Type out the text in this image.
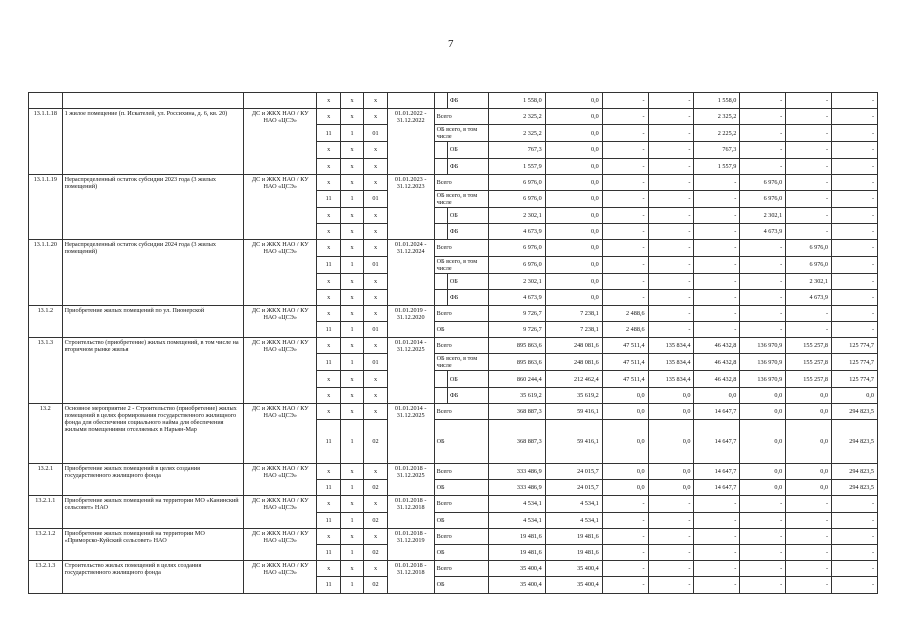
7
			x	x	x			ФБ	1 558,0	0,0	-	-	1 558,0	-	-	-
13.1.1.18	1 жилое помещение (п. Искателей, ул. Россихина, д. 6, кв. 20)	ДС и ЖКХ НАО / КУ НАО «ЦСЭ»	x	x	x	01.01.2022 - 31.12.2022	Всего		2 325,2	0,0	-	-	2 325,2	-	-	-
			11	1	01		ОБ всего, в том числе		2 325,2	0,0	-	-	2 225,2	-	-	-
			x	x	x			ОБ	767,3	0,0	-	-	767,3	-	-	-
			x	x	x			ФБ	1 557,9	0,0	-	-	1 557,9	-	-	-
13.1.1.19	Нераспределенный остаток субсидии 2023 года (3 жилых помещений)	ДС и ЖКХ НАО / КУ НАО «ЦСЭ»	x	x	x	01.01.2023 - 31.12.2023	Всего		6 976,0	0,0	-	-	-	6 976,0	-	-
			11	1	01		ОБ всего, в том числе		6 976,0	0,0	-	-	-	6 976,0	-	-
			x	x	x			ОБ	2 302,1	0,0	-	-	-	2 302,1	-	-
			x	x	x			ФБ	4 673,9	0,0	-	-	-	4 673,9	-	-
13.1.1.20	Нераспределенный остаток субсидии 2024 года (3 жилых помещений)	ДС и ЖКХ НАО / КУ НАО «ЦСЭ»	x	x	x	01.01.2024 - 31.12.2024	Всего		6 976,0	0,0	-	-	-	-	6 976,0	-
			11	1	01		ОБ всего, в том числе		6 976,0	0,0	-	-	-	-	6 976,0	-
			x	x	x			ОБ	2 302,1	0,0	-	-	-	-	2 302,1	-
			x	x	x			ФБ	4 673,9	0,0	-	-	-	-	4 673,9	-
13.1.2	Приобретение жилых помещений по ул. Пионерской	ДС и ЖКХ НАО / КУ НАО «ЦСЭ»	x	x	x	01.01.2019 - 31.12.2020	Всего		9 726,7	7 238,1	2 488,6	-	-	-	-	-
			11	1	01		ОБ		9 726,7	7 238,1	2 488,6	-	-	-	-	-
13.1.3	Строительство (приобретение) жилых помещений, в том числе на вторичном рынке жилья	ДС и ЖКХ НАО / КУ НАО «ЦСЭ»	x	x	x	01.01.2014 - 31.12.2025	Всего		895 863,6	248 081,6	47 511,4	135 834,4	46 432,8	136 970,9	155 257,8	125 774,7
			11	1	01		ОБ всего, в том числе		895 863,6	248 081,6	47 511,4	135 834,4	46 432,8	136 970,9	155 257,8	125 774,7
			x	x	x			ОБ	860 244,4	212 462,4	47 511,4	135 834,4	46 432,8	136 970,9	155 257,8	125 774,7
			x	x	x			ФБ	35 619,2	35 619,2	0,0	0,0	0,0	0,0	0,0	0,0
13.2	Основное мероприятие 2 - Строительство (приобретение) жилых помещений в целях формирования государственного жилищного фонда для обеспечения социального найма для обеспечения жилыми помещениями отселяемых в Нарьян-Мар	ДС и ЖКХ НАО / КУ НАО «ЦСЭ»	x	x	x	01.01.2014 - 31.12.2025	Всего		368 887,3	59 416,1	0,0	0,0	14 647,7	0,0	0,0	294 823,5
			11	1	02		ОБ		368 887,3	59 416,1	0,0	0,0	14 647,7	0,0	0,0	294 823,5
13.2.1	Приобретение жилых помещений в целях создания государственного жилищного фонда	ДС и ЖКХ НАО / КУ НАО «ЦСЭ»	x	x	x	01.01.2018 - 31.12.2025	Всего		333 486,9	24 015,7	0,0	0,0	14 647,7	0,0	0,0	294 823,5
			11	1	02		ОБ		333 486,9	24 015,7	0,0	0,0	14 647,7	0,0	0,0	294 823,5
13.2.1.1	Приобретение жилых помещений на территории МО «Канинский сельсовет» НАО	ДС и ЖКХ НАО / КУ НАО «ЦСЭ»	x	x	x	01.01.2018 - 31.12.2018	Всего		4 534,1	4 534,1	-	-	-	-	-	-
			11	1	02		ОБ		4 534,1	4 534,1	-	-	-	-	-	-
13.2.1.2	Приобретение жилых помещений на территории МО «Приморско-Куйский сельсовет» НАО	ДС и ЖКХ НАО / КУ НАО «ЦСЭ»	x	x	x	01.01.2018 - 31.12.2019	Всего		19 481,6	19 481,6	-	-	-	-	-	-
			11	1	02		ОБ		19 481,6	19 481,6	-	-	-	-	-	-
13.2.1.3	Строительство жилых помещений в целях создания государственного жилищного фонда	ДС и ЖКХ НАО / КУ НАО «ЦСЭ»	x	x	x	01.01.2018 - 31.12.2018	Всего		35 400,4	35 400,4	-	-	-	-	-	-
			11	1	02		ОБ		35 400,4	35 400,4	-	-	-	-	-	-
